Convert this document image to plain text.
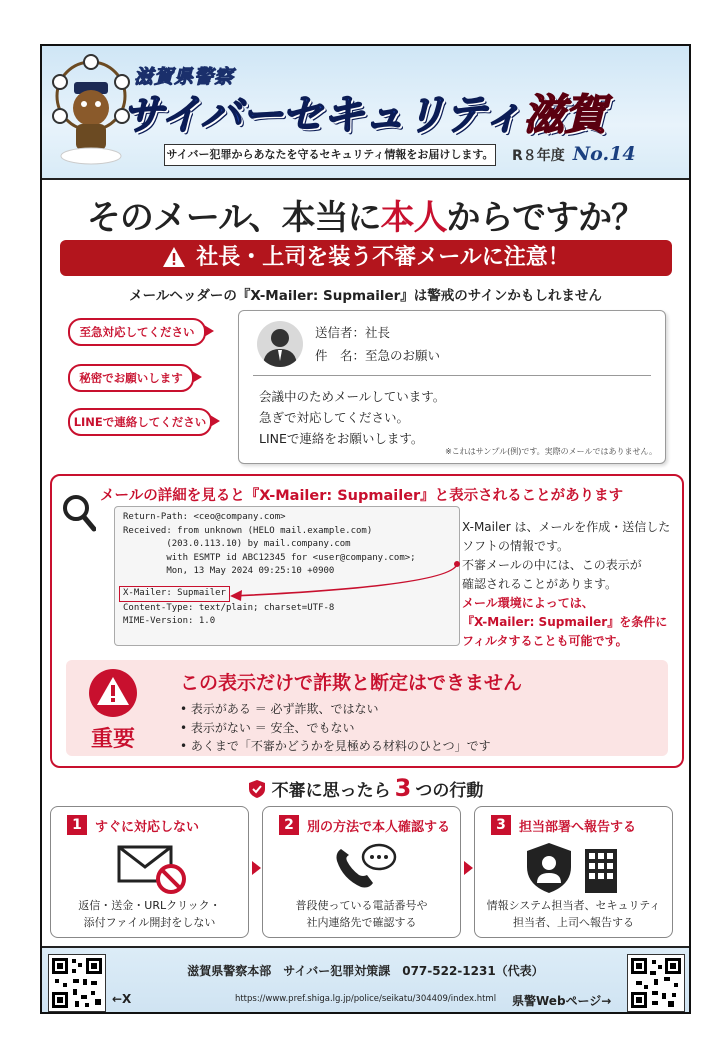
滋賀県警察
サイバーセキュリティ滋賀
サイバー犯罪からあなたを守るセキュリティ情報をお届けします。 R８年度 No.14
そのメール、本当に本人からですか？
社長・上司を装う不審メールに注意！
メールヘッダーの『X-Mailer: Supmailer』は警戒のサインかもしれません
至急対応してください
秘密でお願いします
LINEで連絡してください
送信者：社長
件　名：至急のお願い
会議中のためメールしています。
急ぎで対応してください。
LINEで連絡をお願いします。
※これはサンプル(例)です。実際のメールではありません。
メールの詳細を見ると『X-Mailer: Supmailer』と表示されることがあります
Return-Path: <ceo@company.com>
Received: from unknown (HELO mail.example.com)
(203.0.113.10) by mail.company.com
with ESMTP id ABC12345 for <user@company.com>;
Mon, 13 May 2024 09:25:10 +0900
X-Mailer: Supmailer
Content-Type: text/plain; charset=UTF-8
MIME-Version: 1.0
X-Mailer は、メールを作成・送信した
ソフトの情報です。
不審メールの中には、この表示が
確認されることがあります。
メール環境によっては、
『X-Mailer: Supmailer』を条件に
フィルタすることも可能です。
重要
この表示だけで詐欺と断定はできません
• 表示がある ＝ 必ず詐欺、ではない
• 表示がない ＝ 安全、でもない
• あくまで「不審かどうかを見極める材料のひとつ」です
不審に思ったら 3 つの行動
1	すぐに対応しない
返信・送金・URLクリック・
添付ファイル開封をしない
2	別の方法で本人確認する
普段使っている電話番号や
社内連絡先で確認する
3	担当部署へ報告する
情報システム担当者、セキュリティ
担当者、上司へ報告する
←X
滋賀県警察本部　サイバー犯罪対策課　077-522-1231（代表）
https://www.pref.shiga.lg.jp/police/seikatu/304409/index.html	県警Webページ→
